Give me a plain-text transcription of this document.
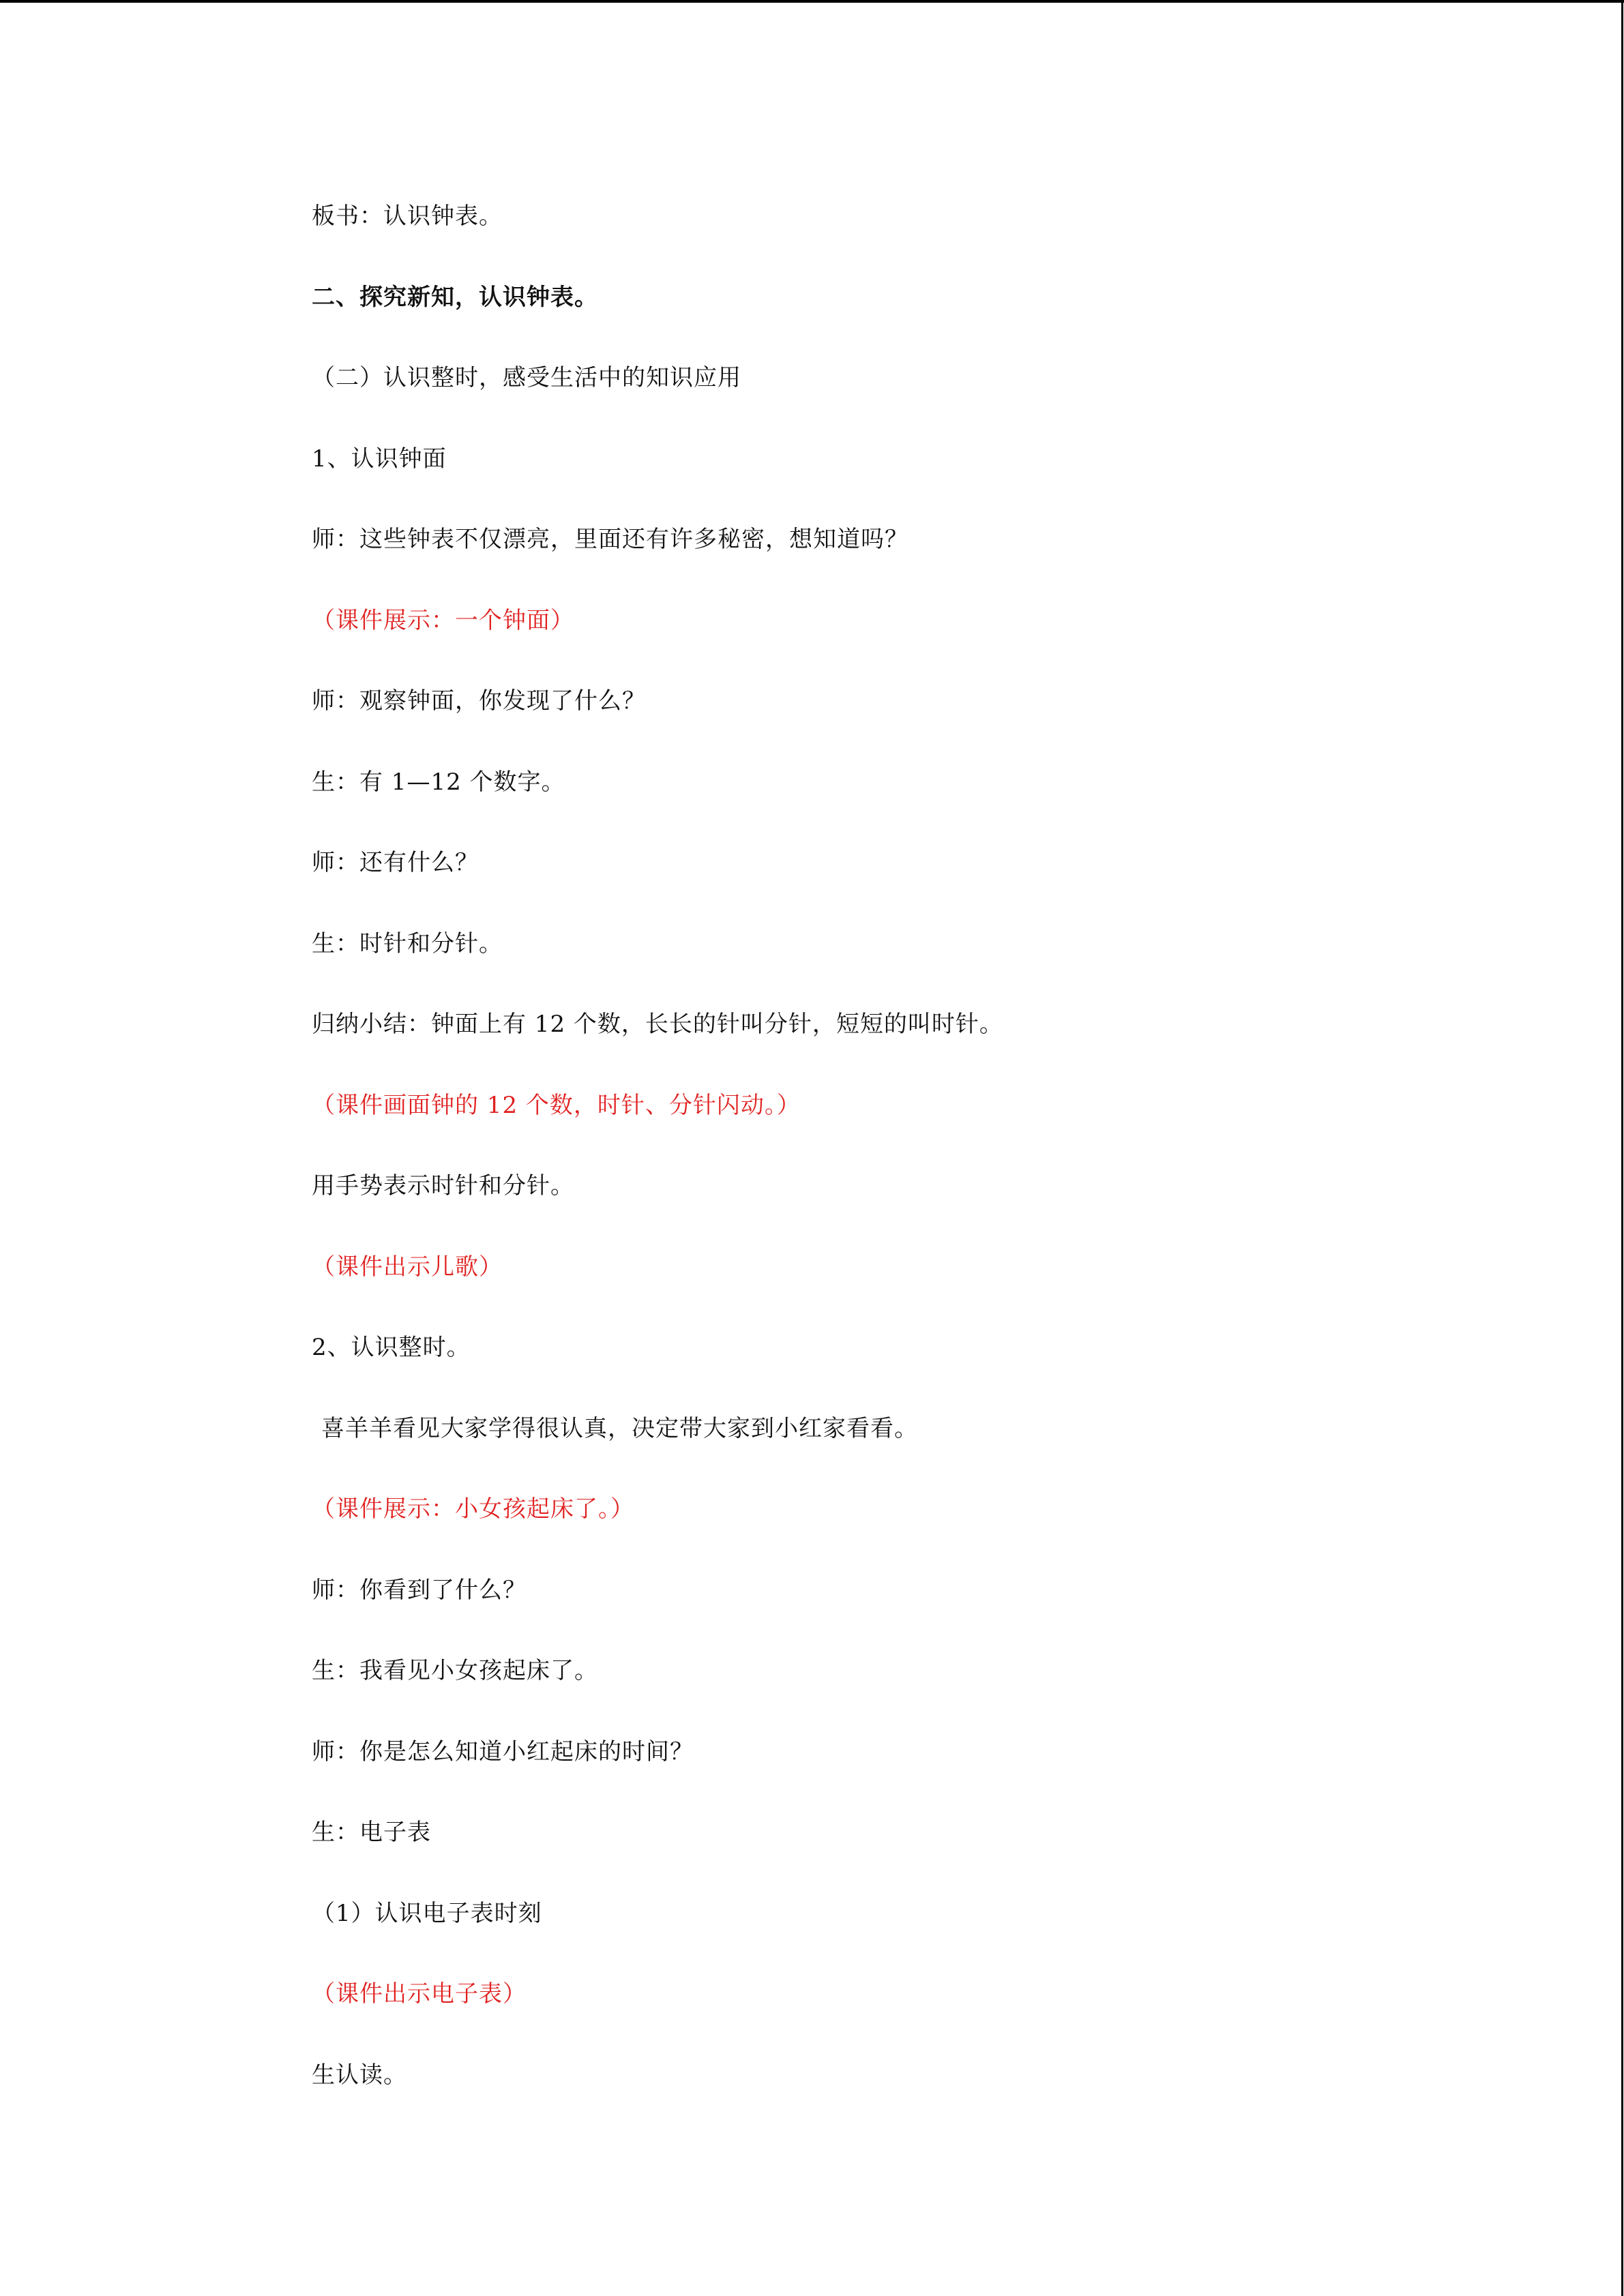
板书：认识钟表。
二、探究新知，认识钟表。
（二）认识整时，感受生活中的知识应用
1、认识钟面
师：这些钟表不仅漂亮，里面还有许多秘密，想知道吗？
（课件展示：一个钟面）
师：观察钟面，你发现了什么？
生：有 1—12 个数字。
师：还有什么？
生：时针和分针。
归纳小结：钟面上有 12 个数，长长的针叫分针，短短的叫时针。
（课件画面钟的 12 个数，时针、分针闪动。）
用手势表示时针和分针。
（课件出示儿歌）
2、认识整时。
喜羊羊看见大家学得很认真，决定带大家到小红家看看。
（课件展示：小女孩起床了。）
师：你看到了什么？
生：我看见小女孩起床了。
师：你是怎么知道小红起床的时间？
生：电子表
（1）认识电子表时刻
（课件出示电子表）
生认读。
